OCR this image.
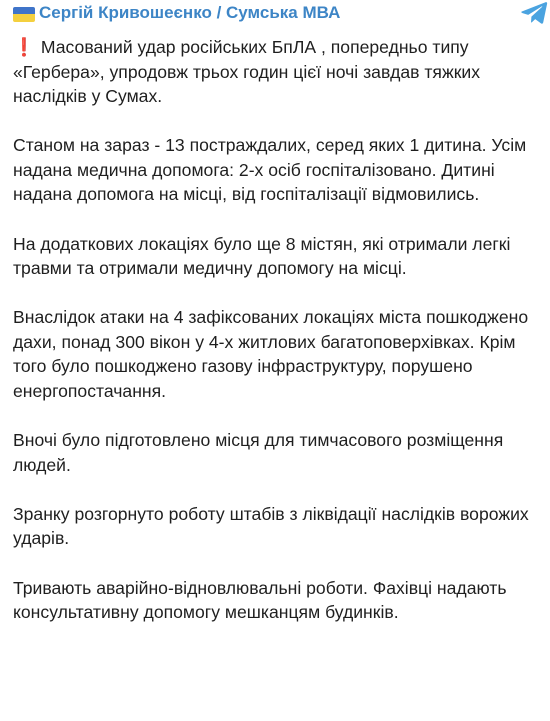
Сергій Кривошеєнко / Сумська МВА

❗ Масований удар російських БпЛА , попередньо типу «Гербера», упродовж трьох годин цієї ночі завдав тяжких наслідків у Сумах.

Станом на зараз - 13 постраждалих, серед яких 1 дитина. Усім надана медична допомога: 2-х осіб госпіталізовано. Дитині надана допомога на місці, від госпіталізації відмовились.

На додаткових локаціях було ще 8 містян, які отримали легкі травми та отримали медичну допомогу на місці.

Внаслідок атаки на 4 зафіксованих локаціях міста пошкоджено дахи, понад 300 вікон у 4-х житлових багатоповерхівках. Крім того було пошкоджено газову інфраструктуру, порушено енергопостачання.

Вночі було підготовлено місця для тимчасового розміщення людей.

Зранку розгорнуто роботу штабів з ліквідації наслідків ворожих ударів.

Тривають аварійно-відновлювальні роботи. Фахівці надають консультативну допомогу мешканцям будинків.
